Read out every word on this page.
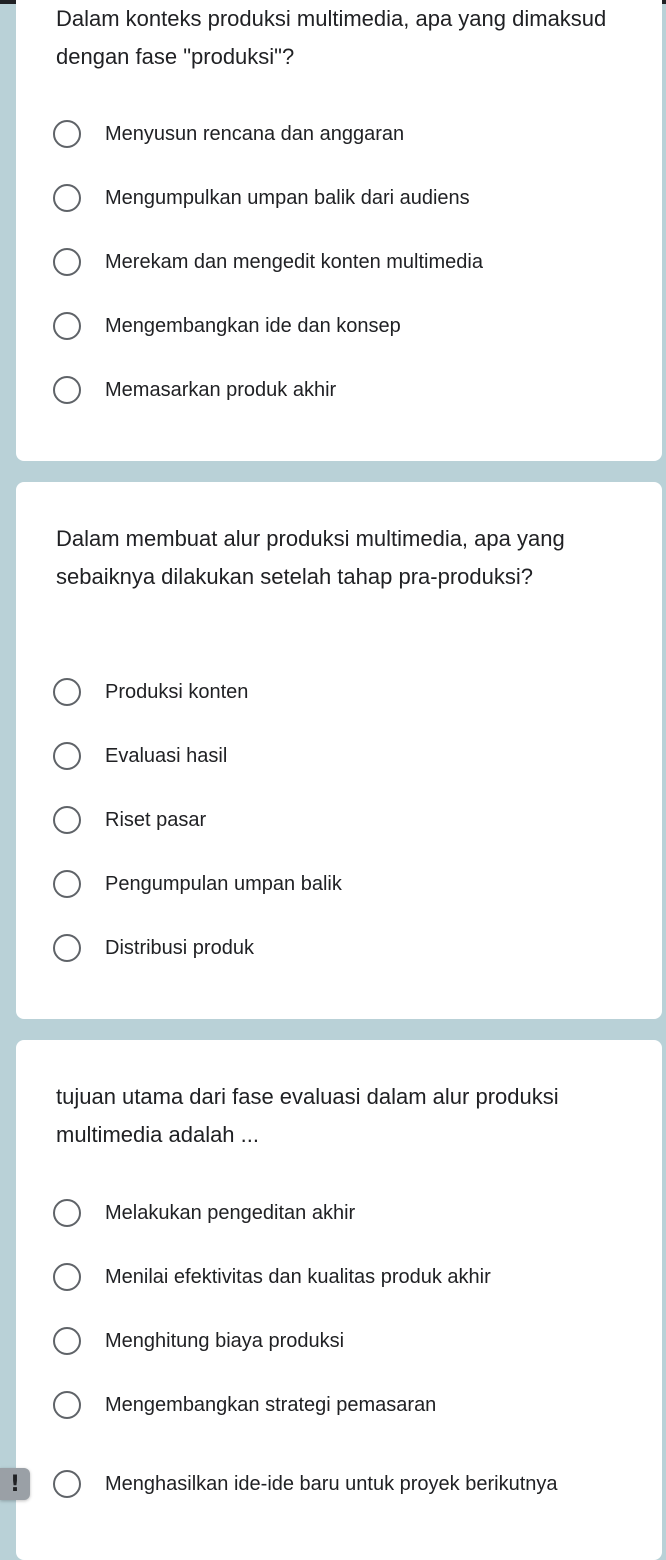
Dalam konteks produksi multimedia, apa yang dimaksud dengan fase "produksi"?

Menyusun rencana dan anggaran
Mengumpulkan umpan balik dari audiens
Merekam dan mengedit konten multimedia
Mengembangkan ide dan konsep
Memasarkan produk akhir

Dalam membuat alur produksi multimedia, apa yang sebaiknya dilakukan setelah tahap pra-produksi?

Produksi konten
Evaluasi hasil
Riset pasar
Pengumpulan umpan balik
Distribusi produk

tujuan utama dari fase evaluasi dalam alur produksi multimedia adalah ...

Melakukan pengeditan akhir
Menilai efektivitas dan kualitas produk akhir
Menghitung biaya produksi
Mengembangkan strategi pemasaran
Menghasilkan ide-ide baru untuk proyek berikutnya
!
